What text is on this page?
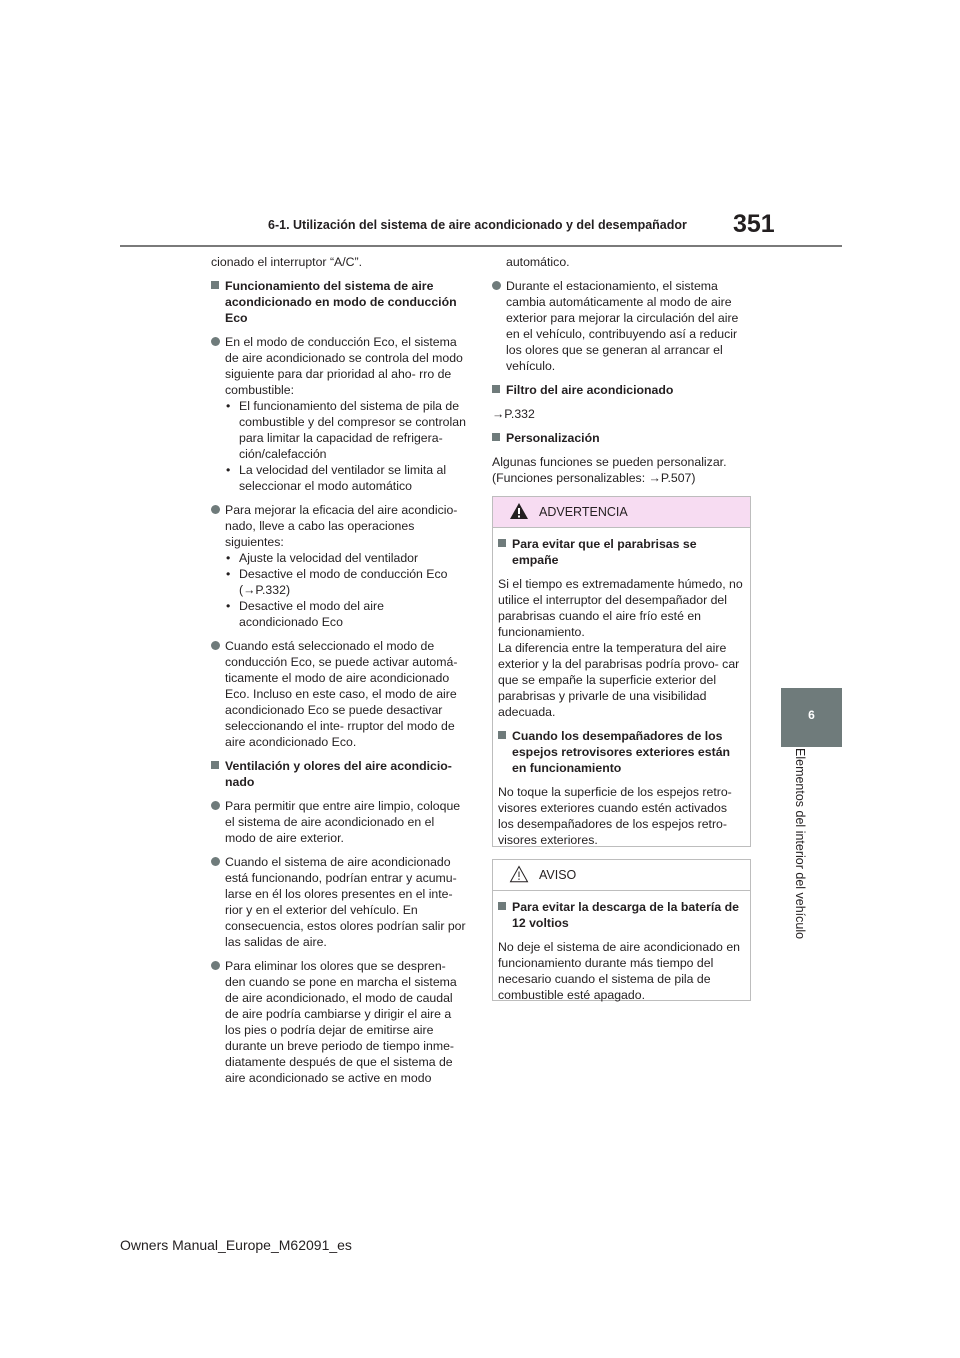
6-1. Utilización del sistema de aire acondicionado y del desempañador 351
6
Elementos del interior del vehículo

cionado el interruptor “A/C”.

Funcionamiento del sistema de aire acondicionado en modo de conducción Eco
En el modo de conducción Eco, el sistema de aire acondicionado se controla del modo siguiente para dar prioridad al aho- rro de combustible:
• El funcionamiento del sistema de pila de combustible y del compresor se controlan para limitar la capacidad de refrigera- ción/calefacción
• La velocidad del ventilador se limita al seleccionar el modo automático
Para mejorar la eficacia del aire acondicio- nado, lleve a cabo las operaciones siguientes:
• Ajuste la velocidad del ventilador
• Desactive el modo de conducción Eco (→P.332)
• Desactive el modo del aire acondicionado Eco
Cuando está seleccionado el modo de conducción Eco, se puede activar automá- ticamente el modo de aire acondicionado Eco. Incluso en este caso, el modo de aire acondicionado Eco se puede desactivar seleccionando el inte- rruptor del modo de aire acondicionado Eco.
Ventilación y olores del aire acondicio- nado
Para permitir que entre aire limpio, coloque el sistema de aire acondicionado en el modo de aire exterior.
Cuando el sistema de aire acondicionado está funcionando, podrían entrar y acumu- larse en él los olores presentes en el inte- rior y en el exterior del vehículo. En consecuencia, estos olores podrían salir por las salidas de aire.
Para eliminar los olores que se despren- den cuando se pone en marcha el sistema de aire acondicionado, el modo de caudal de aire podría cambiarse y dirigir el aire a los pies o podría dejar de emitirse aire durante un breve periodo de tiempo inme- diatamente después de que el sistema de aire acondicionado se active en modo

automático.

Durante el estacionamiento, el sistema cambia automáticamente al modo de aire exterior para mejorar la circulación del aire en el vehículo, contribuyendo así a reducir los olores que se generan al arrancar el vehículo.
Filtro del aire acondicionado

→P.332

Personalización

Algunas funciones se pueden personalizar. (Funciones personalizables: →P.507)

ADVERTENCIA
Para evitar que el parabrisas se empañe

Si el tiempo es extremadamente húmedo, no utilice el interruptor del desempañador del parabrisas cuando el aire frío esté en funcionamiento.

La diferencia entre la temperatura del aire exterior y la del parabrisas podría provo- car que se empañe la superficie exterior del parabrisas y privarle de una visibilidad adecuada.

Cuando los desempañadores de los espejos retrovisores exteriores están en funcionamiento

No toque la superficie de los espejos retro- visores exteriores cuando estén activados los desempañadores de los espejos retro- visores exteriores.

AVISO
Para evitar la descarga de la batería de 12 voltios

No deje el sistema de aire acondicionado en funcionamiento durante más tiempo del necesario cuando el sistema de pila de combustible esté apagado.

Owners Manual_Europe_M62091_es
